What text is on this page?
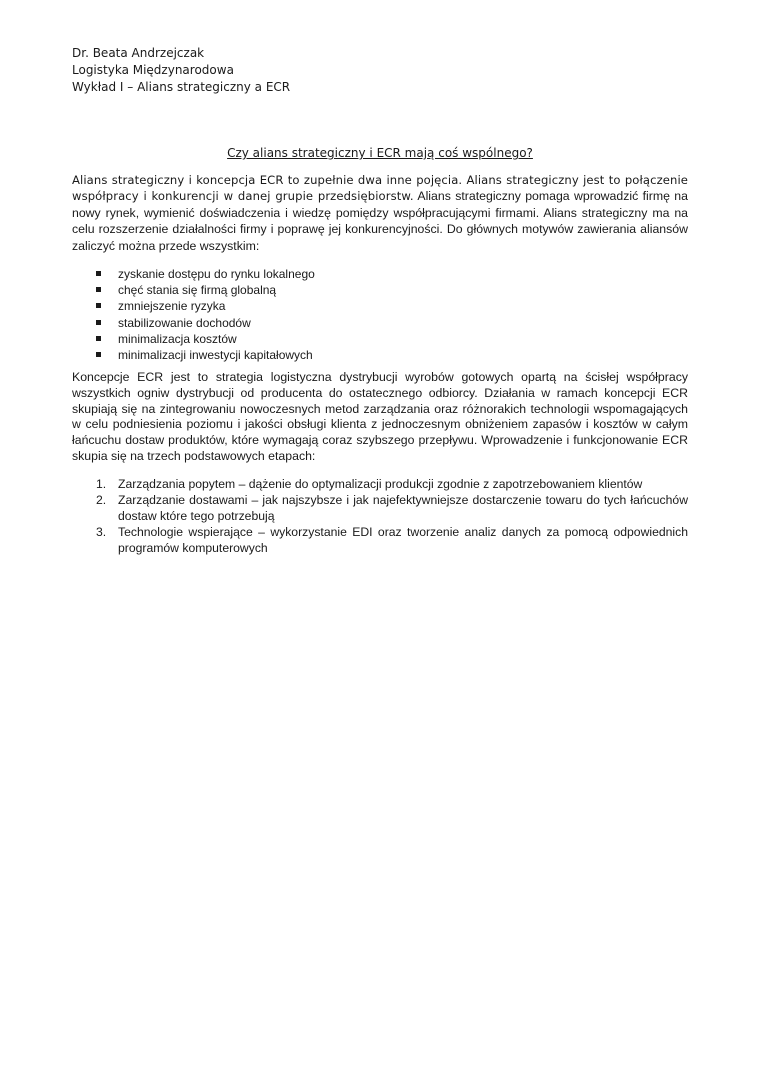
Dr. Beata Andrzejczak
Logistyka Międzynarodowa
Wykład I – Alians strategiczny a ECR
Czy alians strategiczny i ECR mają coś wspólnego?

Alians strategiczny i koncepcja ECR to zupełnie dwa inne pojęcia. Alians strategiczny jest to połączenie współpracy i konkurencji w danej grupie przedsiębiorstw. Alians strategiczny pomaga wprowadzić firmę na nowy rynek, wymienić doświadczenia i wiedzę pomiędzy współpracującymi firmami. Alians strategiczny ma na celu rozszerzenie działalności firmy i poprawę jej konkurencyjności. Do głównych motywów zawierania aliansów zaliczyć można przede wszystkim:

zyskanie dostępu do rynku lokalnego
chęć stania się firmą globalną
zmniejszenie ryzyka
stabilizowanie dochodów
minimalizacja kosztów
minimalizacji inwestycji kapitałowych

Koncepcje ECR jest to strategia logistyczna dystrybucji wyrobów gotowych opartą na ścisłej współpracy wszystkich ogniw dystrybucji od producenta do ostatecznego odbiorcy. Działania w ramach koncepcji ECR skupiają się na zintegrowaniu nowoczesnych metod zarządzania oraz różnorakich technologii wspomagających w celu podniesienia poziomu i jakości obsługi klienta z jednoczesnym obniżeniem zapasów i kosztów w całym łańcuchu dostaw produktów, które wymagają coraz szybszego przepływu. Wprowadzenie i funkcjonowanie ECR skupia się na trzech podstawowych etapach:

1. Zarządzania popytem – dążenie do optymalizacji produkcji zgodnie z zapotrzebowaniem klientów
2. Zarządzanie dostawami – jak najszybsze i jak najefektywniejsze dostarczenie towaru do tych łańcuchów dostaw które tego potrzebują
3. Technologie wspierające – wykorzystanie EDI oraz tworzenie analiz danych za pomocą odpowiednich programów komputerowych
